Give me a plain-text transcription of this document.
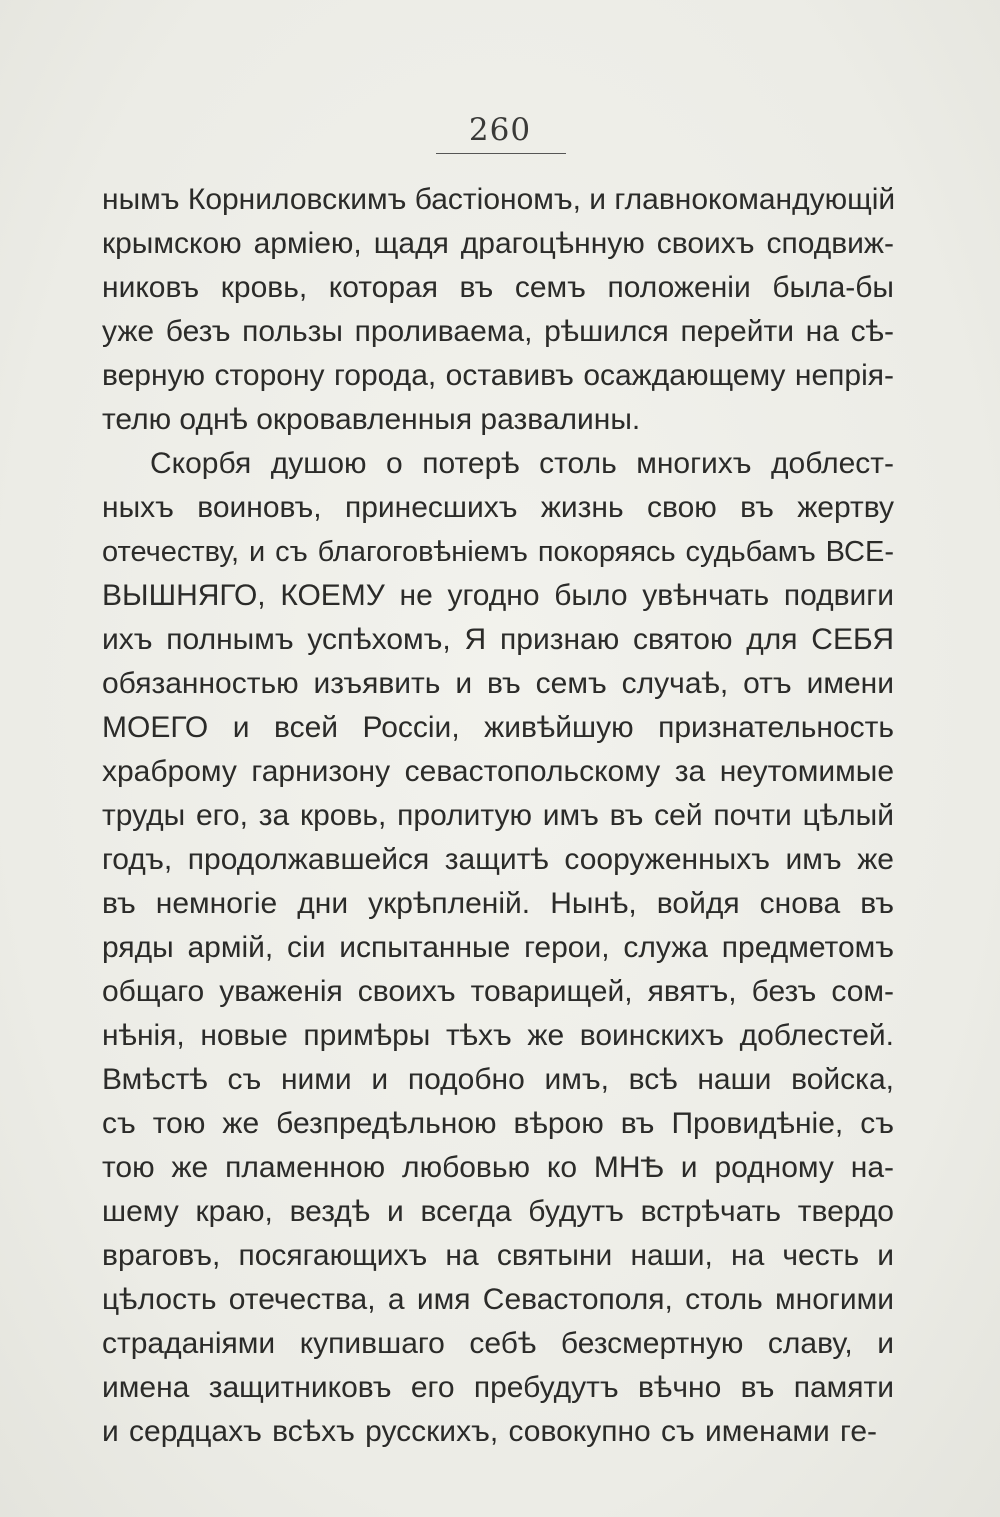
260
нымъ Корниловскимъ бастіономъ, и главнокомандующій
крымскою арміею, щадя драгоцѣнную своихъ сподвиж-
никовъ кровь, которая въ семъ положеніи была-бы
уже безъ пользы проливаема, рѣшился перейти на сѣ-
верную сторону города, оставивъ осаждающему непрія-
телю однѣ окровавленныя развалины.
Скорбя душою о потерѣ столь многихъ доблест-
ныхъ воиновъ, принесшихъ жизнь свою въ жертву
отечеству, и съ благоговѣніемъ покоряясь судьбамъ ВСЕ-
ВЫШНЯГО, КОЕМУ не угодно было увѣнчать подвиги
ихъ полнымъ успѣхомъ, Я признаю святою для СЕБЯ
обязанностью изъявить и въ семъ случаѣ, отъ имени
МОЕГО и всей Россіи, живѣйшую признательность
храброму гарнизону севастопольскому за неутомимые
труды его, за кровь, пролитую имъ въ сей почти цѣлый
годъ, продолжавшейся защитѣ сооруженныхъ имъ же
въ немногіе дни укрѣпленій. Нынѣ, войдя снова въ
ряды армій, сіи испытанные герои, служа предметомъ
общаго уваженія своихъ товарищей, явятъ, безъ сом-
нѣнія, новые примѣры тѣхъ же воинскихъ доблестей.
Вмѣстѣ съ ними и подобно имъ, всѣ наши войска,
съ тою же безпредѣльною вѣрою въ Провидѣніе, съ
тою же пламенною любовью ко МНѢ и родному на-
шему краю, вездѣ и всегда будутъ встрѣчать твердо
враговъ, посягающихъ на святыни наши, на честь и
цѣлость отечества, а имя Севастополя, столь многими
страданіями купившаго себѣ безсмертную славу, и
имена защитниковъ его пребудутъ вѣчно въ памяти
и сердцахъ всѣхъ русскихъ, совокупно съ именами ге-
